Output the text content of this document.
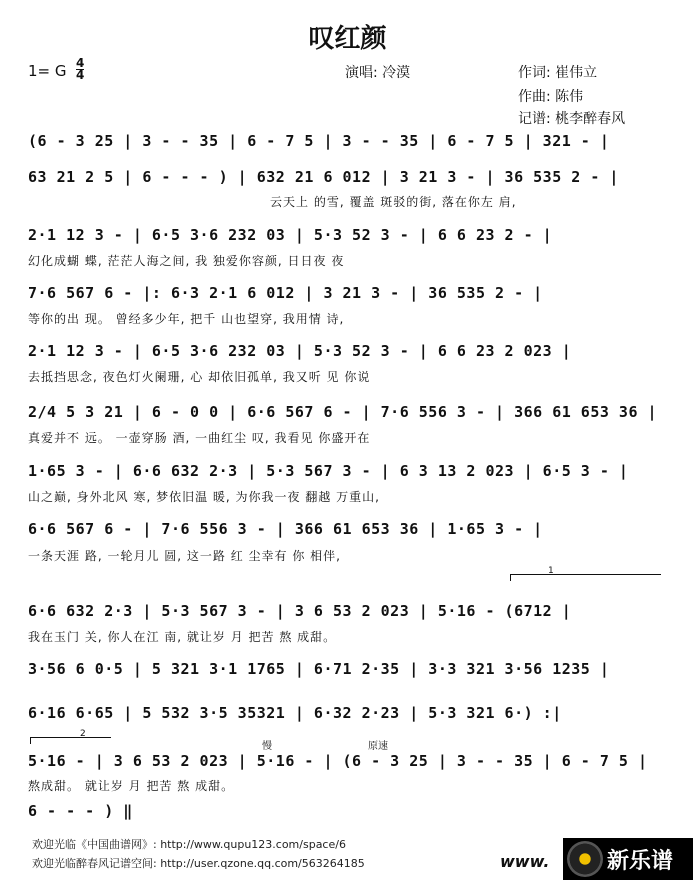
叹红颜
1= G 4
4	演唱: 冷漠	作词: 崔伟立
作曲: 陈伟
记谱: 桃李醉春风
(6 - 3 25 | 3 - - 35 | 6 - 7 5 | 3 - - 35 | 6 - 7 5 | 321 - |
63 21 2 5 | 6 - - - ) | 632 21 6 012 | 3 21 3 - | 36 535 2 - |
云天上 的雪, 覆盖 斑驳的街, 落在你左 肩,
2·1 12 3 - | 6·5 3·6 232 03 | 5·3 52 3 - | 6 6 23 2 - |
幻化成蝴 蝶, 茫茫人海之间, 我 独爱你容颜, 日日夜 夜
7·6 567 6 - |: 6·3 2·1 6 012 | 3 21 3 - | 36 535 2 - |
等你的出 现。 曾经多少年, 把千 山也望穿, 我用情 诗,
2·1 12 3 - | 6·5 3·6 232 03 | 5·3 52 3 - | 6 6 23 2 023 |
去抵挡思念, 夜色灯火阑珊, 心 却依旧孤单, 我又听 见 你说
2/4 5 3 21 | 6 - 0 0 | 6·6 567 6 - | 7·6 556 3 - | 366 61 653 36 |
真爱并不 远。 一壶穿肠 酒, 一曲红尘 叹, 我看见 你盛开在
1·65 3 - | 6·6 632 2·3 | 5·3 567 3 - | 6 3 13 2 023 | 6·5 3 - |
山之巅, 身外北风 寒, 梦依旧温 暖, 为你我一夜 翻越 万重山,
6·6 567 6 - | 7·6 556 3 - | 366 61 653 36 | 1·65 3 - |
一条天涯 路, 一轮月儿 圆, 这一路 红 尘幸有 你 相伴,
1
6·6 632 2·3 | 5·3 567 3 - | 3 6 53 2 023 | 5·16 - (6712 |
我在玉门 关, 你人在江 南, 就让岁 月 把苦 熬 成甜。
3·56 6 0·5 | 5 321 3·1 1765 | 6·71 2·35 | 3·3 321 3·56 1235 |
6·16 6·65 | 5 532 3·5 35321 | 6·32 2·23 | 5·3 321 6·) :|
2
慢	原速
5·16 - | 3 6 53 2 023 | 5·16 - | (6 - 3 25 | 3 - - 35 | 6 - 7 5 |
熬成甜。 就让岁 月 把苦 熬 成甜。
6 - - - ) ‖
欢迎光临《中国曲谱网》: http://www.qupu123.com/space/6
欢迎光临醉春风记谱空间: http://user.qzone.qq.com/563264185	www.	新乐谱
